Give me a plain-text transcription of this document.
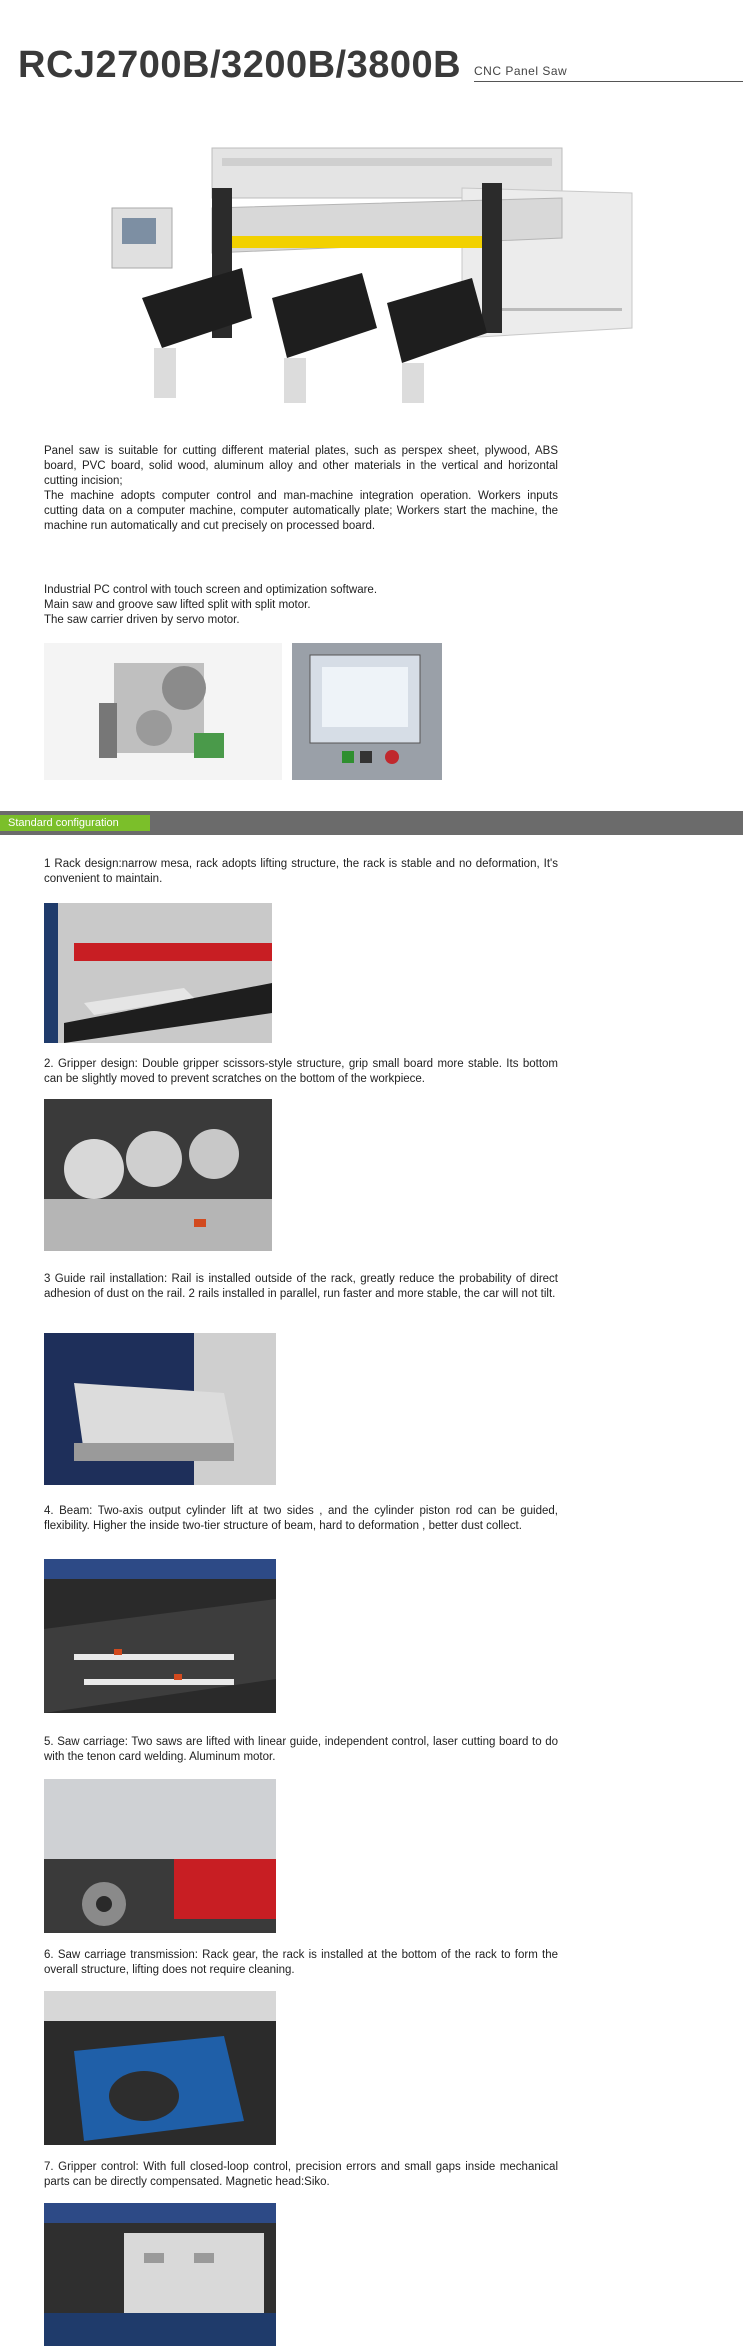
RCJ2700B/3200B/3800B CNC Panel Saw

Panel saw is suitable for cutting different material plates, such as perspex sheet, plywood, ABS board, PVC board, solid wood, aluminum alloy and other materials in the vertical and horizontal cutting incision;

The machine adopts computer control and man-machine integration operation. Workers inputs cutting data on a computer machine, computer automatically plate; Workers start the machine, the machine run automatically and cut precisely on processed board.

Industrial PC control with touch screen and optimization software.

Main saw and groove saw lifted split with split motor.

The saw carrier driven by servo motor.

Standard configuration

1 Rack design:narrow mesa, rack adopts lifting structure, the rack is stable and no deformation, It's convenient to maintain.

2. Gripper design: Double gripper scissors-style structure, grip small board more stable. Its bottom can be slightly moved to prevent scratches on the bottom of the workpiece.

3 Guide rail installation: Rail is installed outside of the rack, greatly reduce the probability of direct adhesion of dust on the rail. 2 rails installed in parallel, run faster and more stable, the car will not tilt.

4. Beam: Two-axis output cylinder lift at two sides , and the cylinder piston rod can be guided, flexibility. Higher the inside two-tier structure of beam, hard to deformation , better dust collect.

5. Saw carriage: Two saws are lifted with linear guide, independent control, laser cutting board to do with the tenon card welding. Aluminum motor.

6. Saw carriage transmission: Rack gear, the rack is installed at the bottom of the rack to form the overall structure, lifting does not require cleaning.

7. Gripper control: With full closed-loop control, precision errors and small gaps inside mechanical parts can be directly compensated. Magnetic head:Siko.
